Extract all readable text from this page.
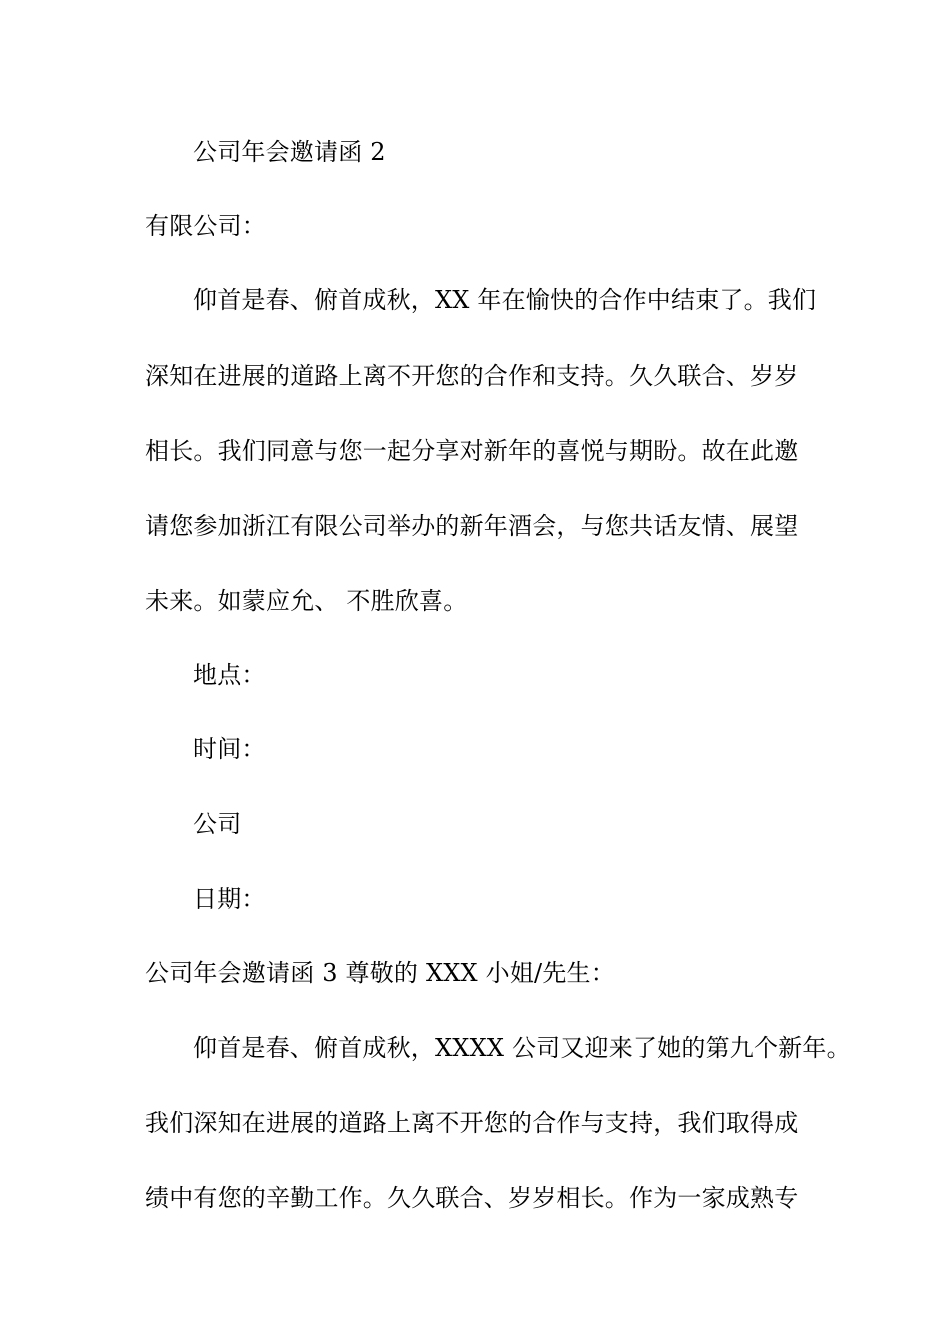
公司年会邀请函 2
有限公司：
仰首是春、俯首成秋，XX 年在愉快的合作中结束了。我们
深知在进展的道路上离不开您的合作和支持。久久联合、岁岁
相长。我们同意与您一起分享对新年的喜悦与期盼。故在此邀
请您参加浙江有限公司举办的新年酒会，与您共话友情、展望
未来。如蒙应允、 不胜欣喜。
地点：
时间：
公司
日期：
公司年会邀请函 3 尊敬的 XXX 小姐/先生：
仰首是春、俯首成秋，XXXX 公司又迎来了她的第九个新年。
我们深知在进展的道路上离不开您的合作与支持，我们取得成
绩中有您的辛勤工作。久久联合、岁岁相长。作为一家成熟专
